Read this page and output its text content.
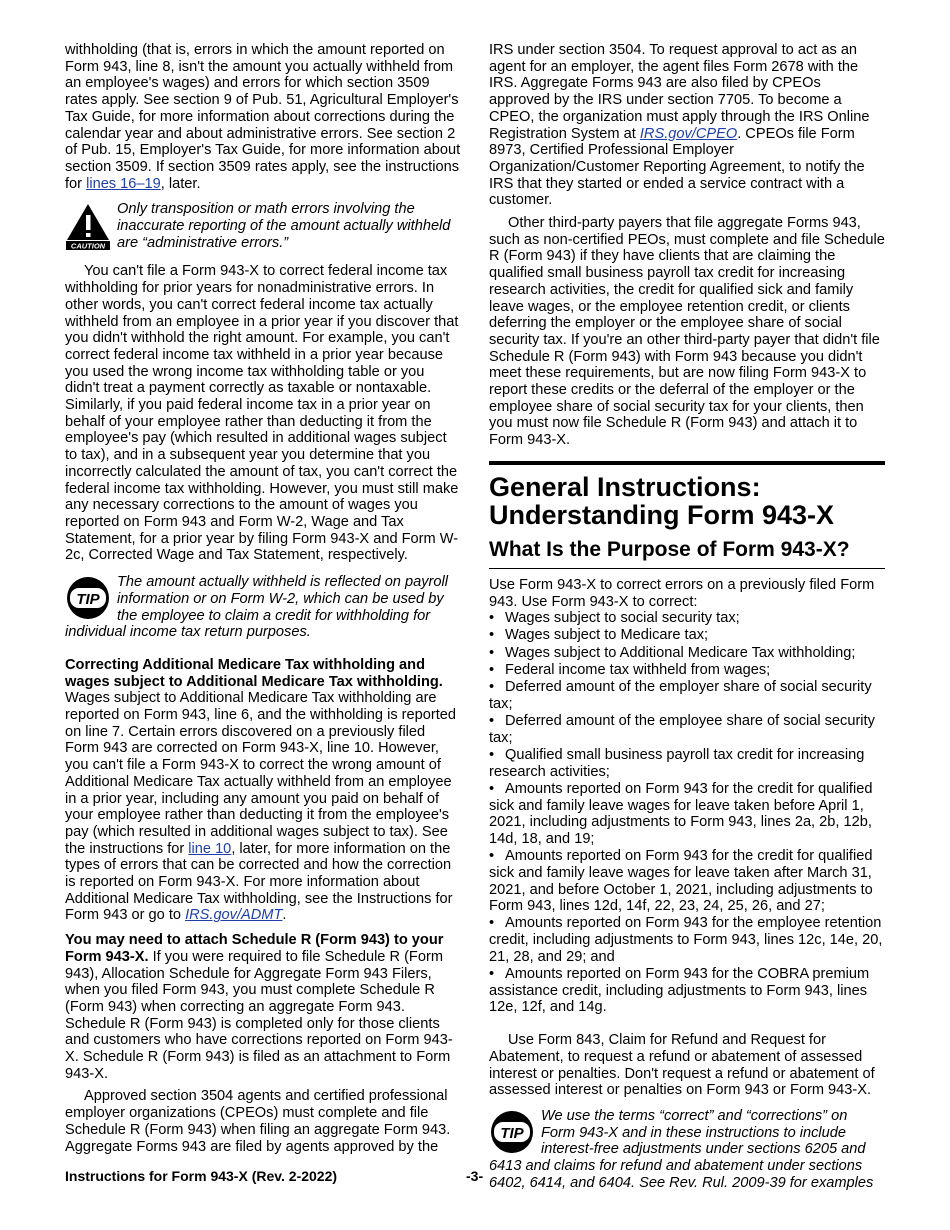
withholding (that is, errors in which the amount reported on Form 943, line 8, isn't the amount you actually withheld from an employee's wages) and errors for which section 3509 rates apply. See section 9 of Pub. 51, Agricultural Employer's Tax Guide, for more information about corrections during the calendar year and about administrative errors. See section 2 of Pub. 15, Employer's Tax Guide, for more information about section 3509. If section 3509 rates apply, see the instructions for lines 16–19, later.

CAUTION
Only transposition or math errors involving the inaccurate reporting of the amount actually withheld are “administrative errors.”

You can't file a Form 943-X to correct federal income tax withholding for prior years for nonadministrative errors. In other words, you can't correct federal income tax actually withheld from an employee in a prior year if you discover that you didn't withhold the right amount. For example, you can't correct federal income tax withheld in a prior year because you used the wrong income tax withholding table or you didn't treat a payment correctly as taxable or nontaxable. Similarly, if you paid federal income tax in a prior year on behalf of your employee rather than deducting it from the employee's pay (which resulted in additional wages subject to tax), and in a subsequent year you determine that you incorrectly calculated the amount of tax, you can't correct the federal income tax withholding. However, you must still make any necessary corrections to the amount of wages you reported on Form 943 and Form W-2, Wage and Tax Statement, for a prior year by filing Form 943-X and Form W-2c, Corrected Wage and Tax Statement, respectively.

TIP
The amount actually withheld is reflected on payroll information or on Form W-2, which can be used by the employee to claim a credit for withholding for individual income tax return purposes.

Correcting Additional Medicare Tax withholding and wages subject to Additional Medicare Tax withholding. Wages subject to Additional Medicare Tax withholding are reported on Form 943, line 6, and the withholding is reported on line 7. Certain errors discovered on a previously filed Form 943 are corrected on Form 943-X, line 10. However, you can't file a Form 943-X to correct the wrong amount of Additional Medicare Tax actually withheld from an employee in a prior year, including any amount you paid on behalf of your employee rather than deducting it from the employee's pay (which resulted in additional wages subject to tax). See the instructions for line 10, later, for more information on the types of errors that can be corrected and how the correction is reported on Form 943-X. For more information about Additional Medicare Tax withholding, see the Instructions for Form 943 or go to IRS.gov/ADMT.

You may need to attach Schedule R (Form 943) to your Form 943-X. If you were required to file Schedule R (Form 943), Allocation Schedule for Aggregate Form 943 Filers, when you filed Form 943, you must complete Schedule R (Form 943) when correcting an aggregate Form 943. Schedule R (Form 943) is completed only for those clients and customers who have corrections reported on Form 943-X. Schedule R (Form 943) is filed as an attachment to Form 943-X.

Approved section 3504 agents and certified professional employer organizations (CPEOs) must complete and file Schedule R (Form 943) when filing an aggregate Form 943. Aggregate Forms 943 are filed by agents approved by the

IRS under section 3504. To request approval to act as an agent for an employer, the agent files Form 2678 with the IRS. Aggregate Forms 943 are also filed by CPEOs approved by the IRS under section 7705. To become a CPEO, the organization must apply through the IRS Online Registration System at IRS.gov/CPEO. CPEOs file Form 8973, Certified Professional Employer Organization/Customer Reporting Agreement, to notify the IRS that they started or ended a service contract with a customer.

Other third-party payers that file aggregate Forms 943, such as non-certified PEOs, must complete and file Schedule R (Form 943) if they have clients that are claiming the qualified small business payroll tax credit for increasing research activities, the credit for qualified sick and family leave wages, or the employee retention credit, or clients deferring the employer or the employee share of social security tax. If you're an other third-party payer that didn't file Schedule R (Form 943) with Form 943 because you didn't meet these requirements, but are now filing Form 943-X to report these credits or the deferral of the employer or the employee share of social security tax for your clients, then you must now file Schedule R (Form 943) and attach it to Form 943-X.

General Instructions:
Understanding Form 943-X
What Is the Purpose of Form 943-X?

Use Form 943-X to correct errors on a previously filed Form 943. Use Form 943-X to correct:

• Wages subject to social security tax;
• Wages subject to Medicare tax;
• Wages subject to Additional Medicare Tax withholding;
• Federal income tax withheld from wages;
• Deferred amount of the employer share of social security tax;
• Deferred amount of the employee share of social security tax;
• Qualified small business payroll tax credit for increasing research activities;
• Amounts reported on Form 943 for the credit for qualified sick and family leave wages for leave taken before April 1, 2021, including adjustments to Form 943, lines 2a, 2b, 12b, 14d, 18, and 19;
• Amounts reported on Form 943 for the credit for qualified sick and family leave wages for leave taken after March 31, 2021, and before October 1, 2021, including adjustments to Form 943, lines 12d, 14f, 22, 23, 24, 25, 26, and 27;
• Amounts reported on Form 943 for the employee retention credit, including adjustments to Form 943, lines 12c, 14e, 20, 21, 28, and 29; and
• Amounts reported on Form 943 for the COBRA premium assistance credit, including adjustments to Form 943, lines 12e, 12f, and 14g.

Use Form 843, Claim for Refund and Request for Abatement, to request a refund or abatement of assessed interest or penalties. Don't request a refund or abatement of assessed interest or penalties on Form 943 or Form 943-X.

TIP
We use the terms “correct” and “corrections” on Form 943-X and in these instructions to include interest-free adjustments under sections 6205 and 6413 and claims for refund and abatement under sections 6402, 6414, and 6404. See Rev. Rul. 2009-39 for examples
Instructions for Form 943-X (Rev. 2-2022)	-3-
